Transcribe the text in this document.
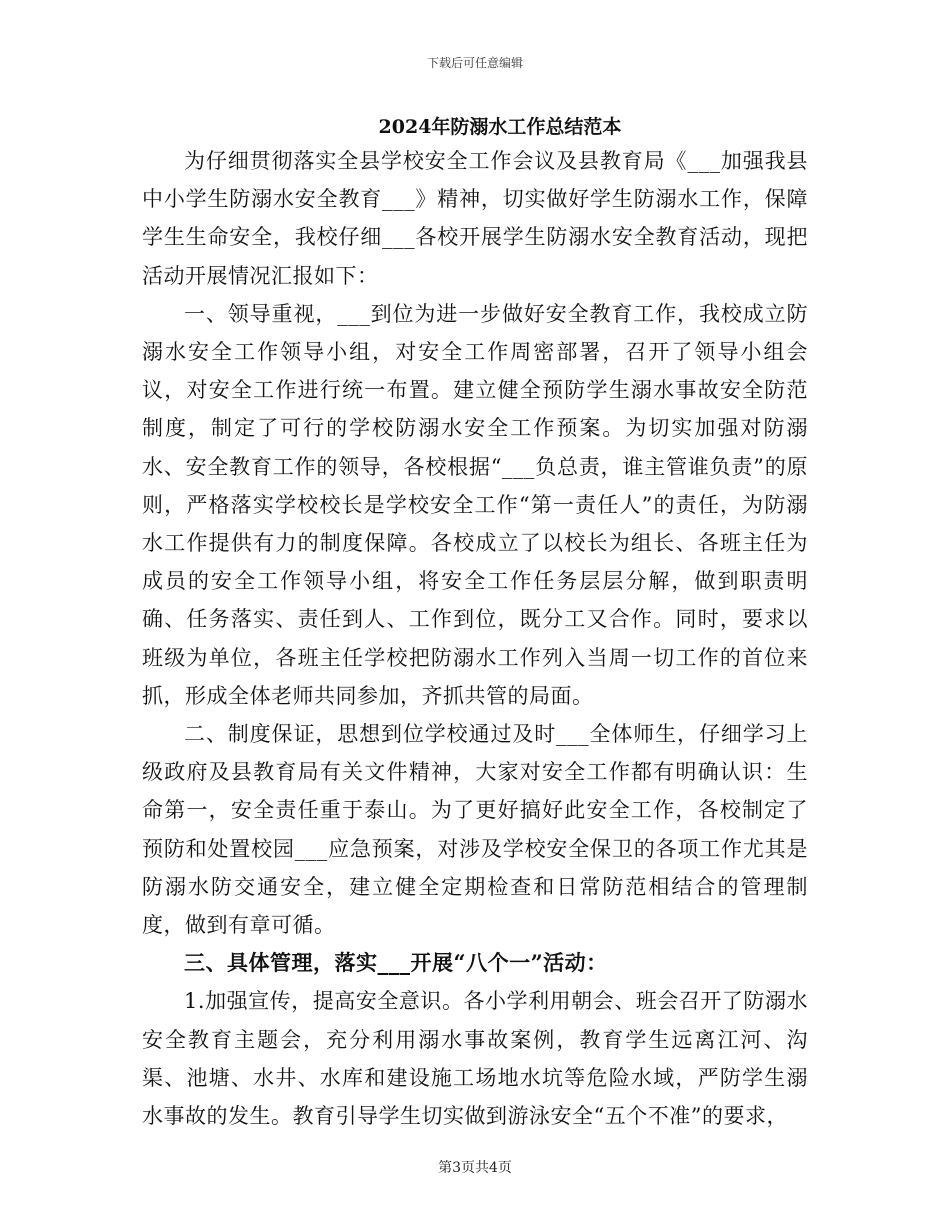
下载后可任意编辑
2024年防溺水工作总结范本

为仔细贯彻落实全县学校安全工作会议及县教育局《___加强我县中小学生防溺水安全教育___》精神，切实做好学生防溺水工作，保障学生生命安全，我校仔细___各校开展学生防溺水安全教育活动，现把活动开展情况汇报如下：

一、领导重视，___到位为进一步做好安全教育工作，我校成立防溺水安全工作领导小组，对安全工作周密部署，召开了领导小组会议，对安全工作进行统一布置。建立健全预防学生溺水事故安全防范制度，制定了可行的学校防溺水安全工作预案。为切实加强对防溺水、安全教育工作的领导，各校根据“___负总责，谁主管谁负责”的原则，严格落实学校校长是学校安全工作“第一责任人”的责任，为防溺水工作提供有力的制度保障。各校成立了以校长为组长、各班主任为成员的安全工作领导小组，将安全工作任务层层分解，做到职责明确、任务落实、责任到人、工作到位，既分工又合作。同时，要求以班级为单位，各班主任学校把防溺水工作列入当周一切工作的首位来抓，形成全体老师共同参加，齐抓共管的局面。

二、制度保证，思想到位学校通过及时___全体师生，仔细学习上级政府及县教育局有关文件精神，大家对安全工作都有明确认识：生命第一，安全责任重于泰山。为了更好搞好此安全工作，各校制定了预防和处置校园___应急预案，对涉及学校安全保卫的各项工作尤其是防溺水防交通安全，建立健全定期检查和日常防范相结合的管理制度，做到有章可循。

三、具体管理，落实___开展“八个一”活动：

1.加强宣传，提高安全意识。各小学利用朝会、班会召开了防溺水安全教育主题会，充分利用溺水事故案例，教育学生远离江河、沟渠、池塘、水井、水库和建设施工场地水坑等危险水域，严防学生溺水事故的发生。教育引导学生切实做到游泳安全“五个不准”的要求，

第3页共4页
